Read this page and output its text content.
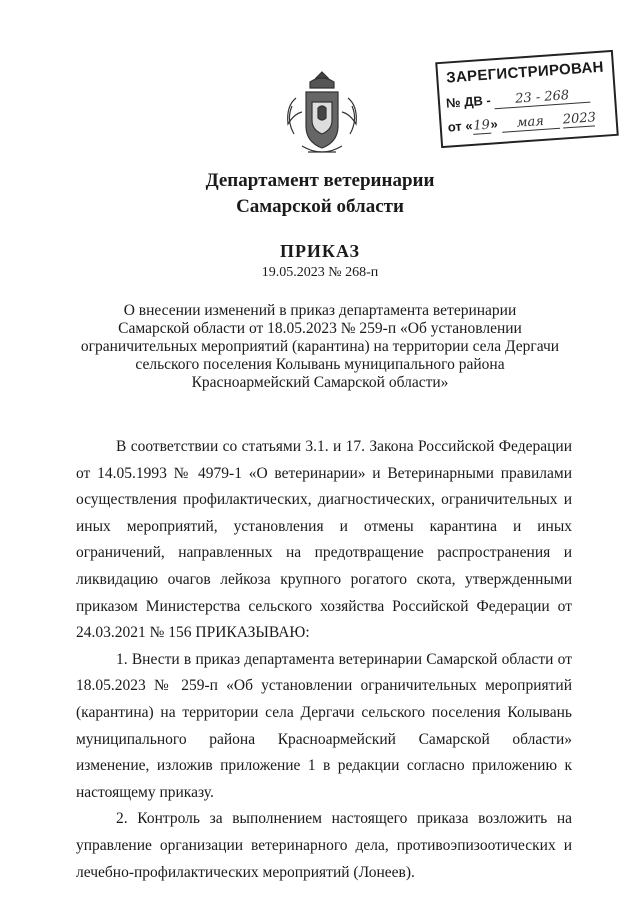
ЗАРЕГИСТРИРОВАН
№ ДВ - 23 - 268
от «19» мая 2023
Департамент ветеринарии
Самарской области
ПРИКАЗ
19.05.2023 № 268-п
О внесении изменений в приказ департамента ветеринарии
Самарской области от 18.05.2023 № 259-п «Об установлении
ограничительных мероприятий (карантина) на территории села Дергачи
сельского поселения Колывань муниципального района
Красноармейский Самарской области»

В соответствии со статьями 3.1. и 17. Закона Российской Федерации от 14.05.1993 № 4979-1 «О ветеринарии» и Ветеринарными правилами осуществления профилактических, диагностических, ограничительных и иных мероприятий, установления и отмены карантина и иных ограничений, направленных на предотвращение распространения и ликвидацию очагов лейкоза крупного рогатого скота, утвержденными приказом Министерства сельского хозяйства Российской Федерации от 24.03.2021 № 156 ПРИКАЗЫВАЮ:

1. Внести в приказ департамента ветеринарии Самарской области от 18.05.2023 № 259-п «Об установлении ограничительных мероприятий (карантина) на территории села Дергачи сельского поселения Колывань муниципального района Красноармейский Самарской области» изменение, изложив приложение 1 в редакции согласно приложению к настоящему приказу.

2. Контроль за выполнением настоящего приказа возложить на управление организации ветеринарного дела, противоэпизоотических и лечебно-профилактических мероприятий (Лонеев).
